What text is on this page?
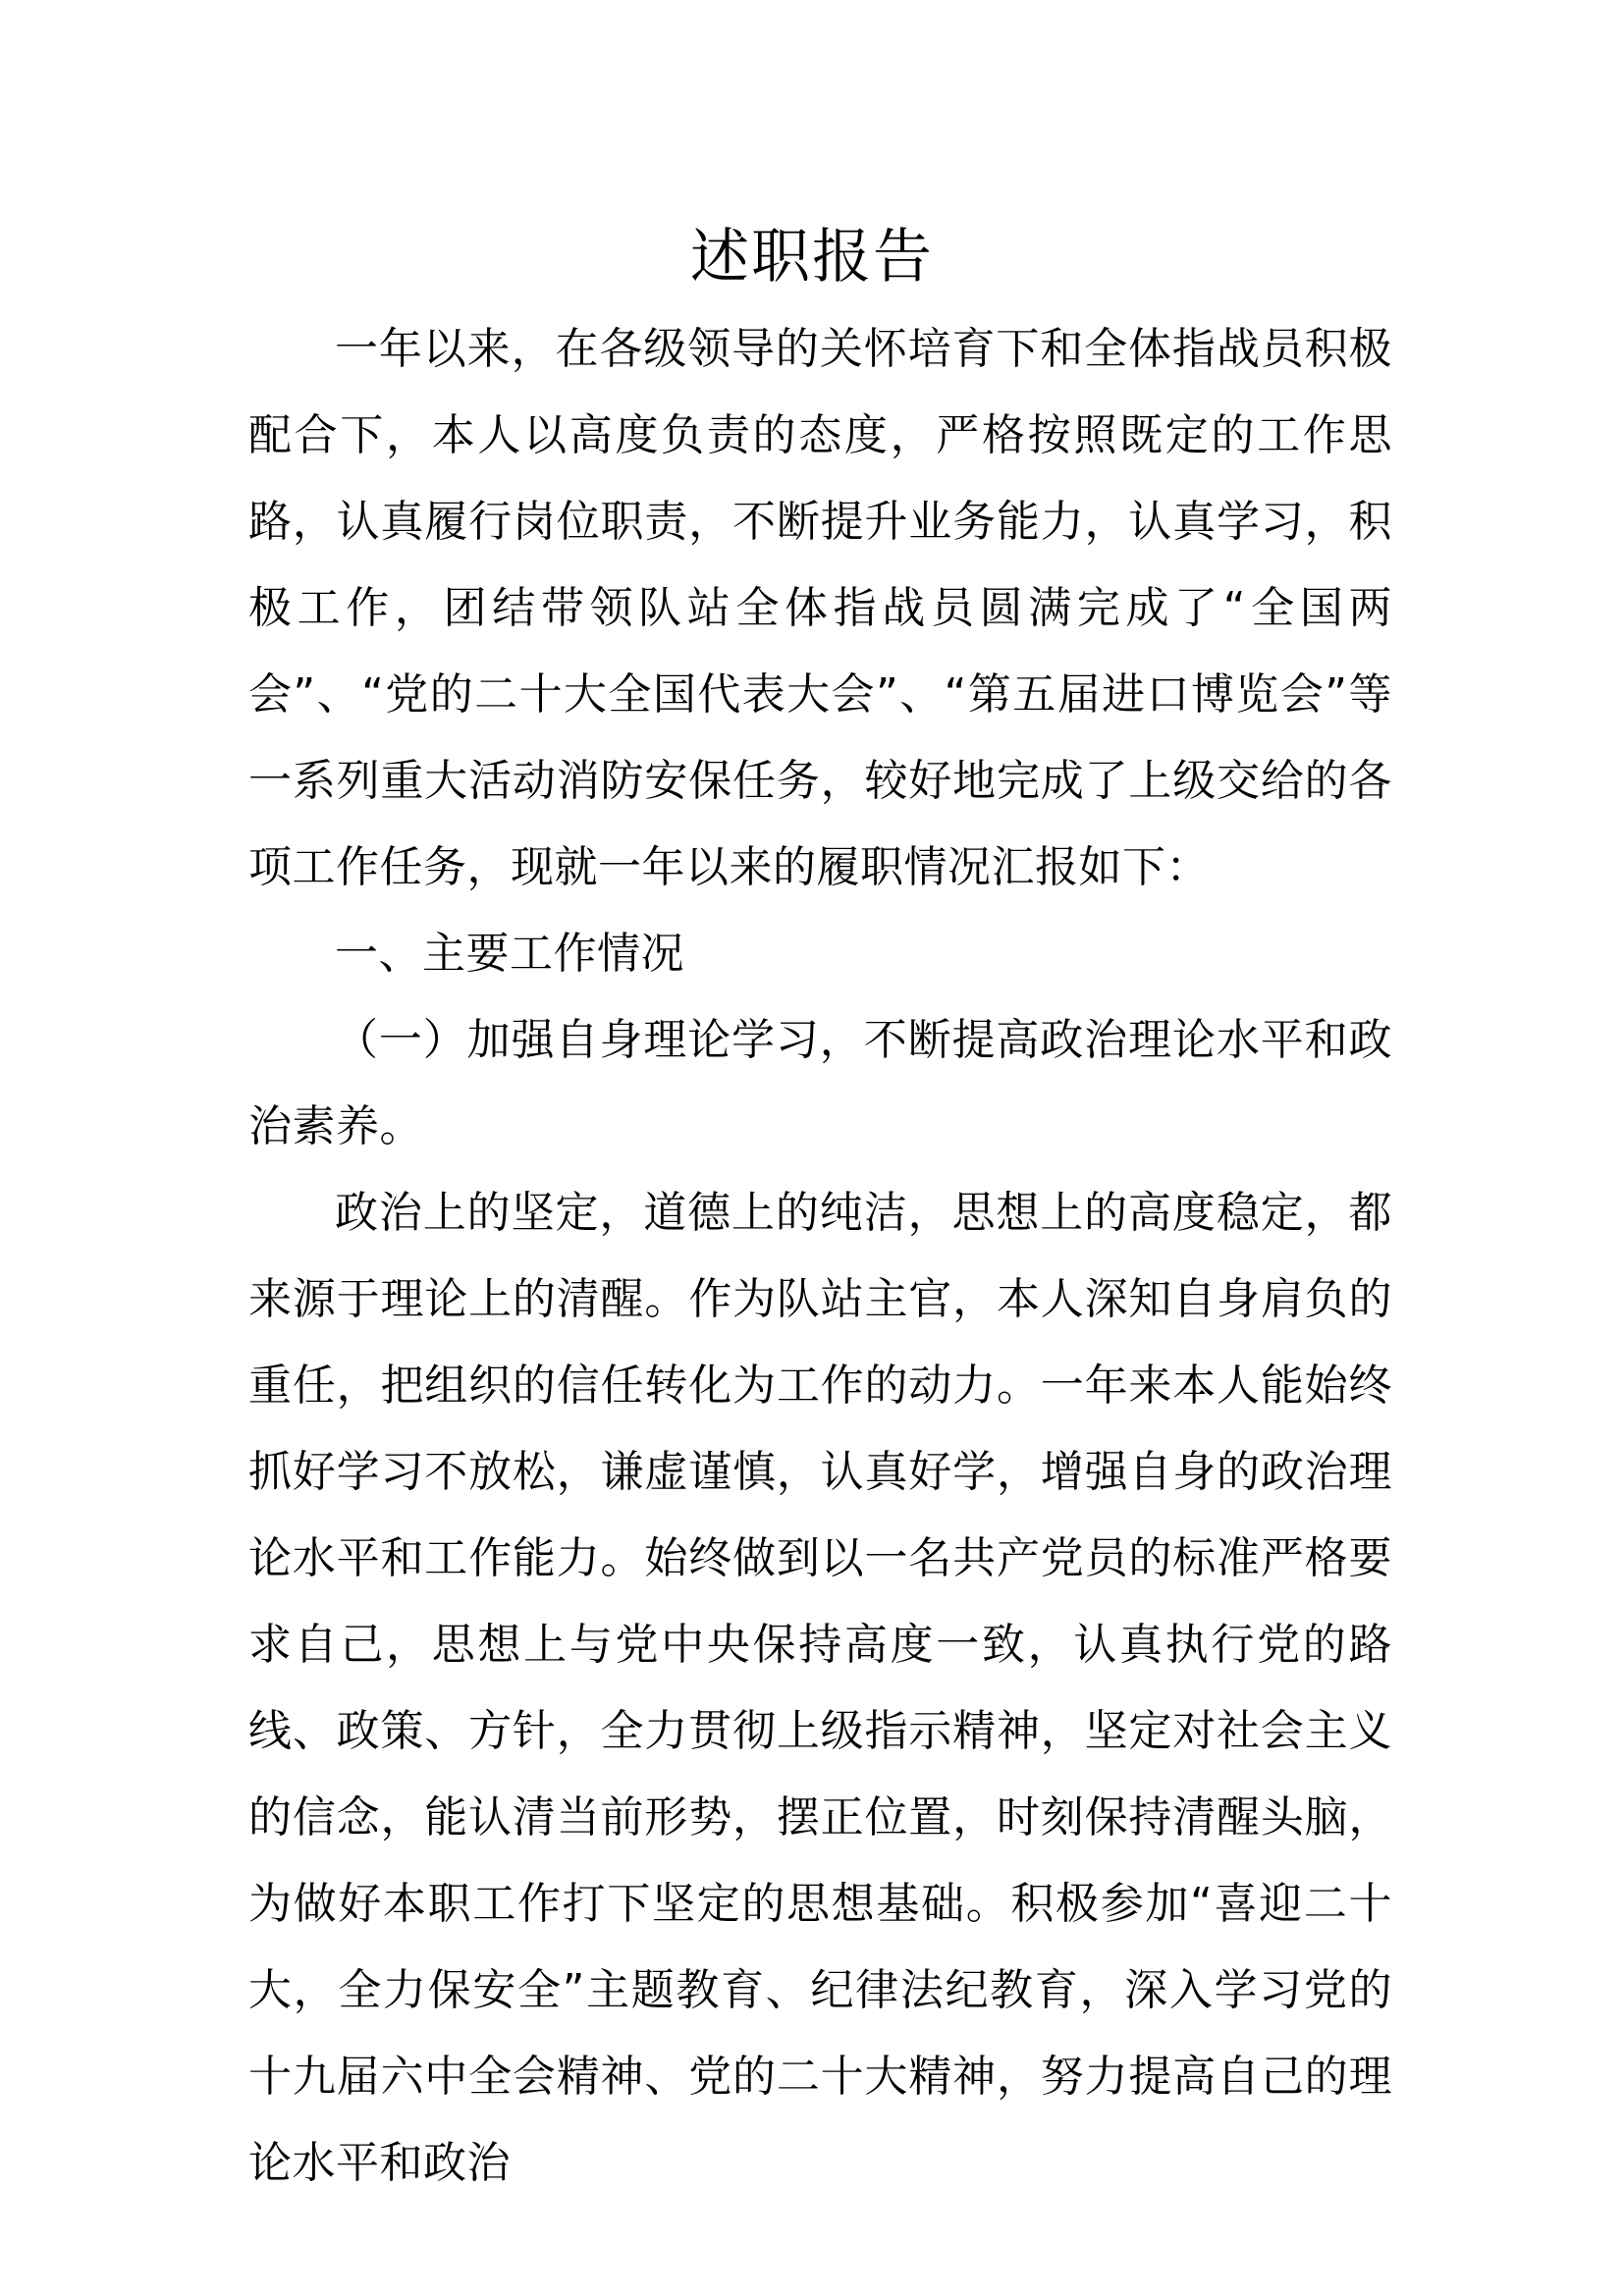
述职报告

一年以来，在各级领导的关怀培育下和全体指战员积极配合下，本人以高度负责的态度，严格按照既定的工作思路，认真履行岗位职责，不断提升业务能力，认真学习，积极工作，团结带领队站全体指战员圆满完成了“全国两会”、“党的二十大全国代表大会”、“第五届进口博览会”等一系列重大活动消防安保任务，较好地完成了上级交给的各项工作任务，现就一年以来的履职情况汇报如下：

一、主要工作情况

（一）加强自身理论学习，不断提高政治理论水平和政治素养。

政治上的坚定，道德上的纯洁，思想上的高度稳定，都来源于理论上的清醒。作为队站主官，本人深知自身肩负的重任，把组织的信任转化为工作的动力。一年来本人能始终抓好学习不放松，谦虚谨慎，认真好学，增强自身的政治理论水平和工作能力。始终做到以一名共产党员的标准严格要求自己，思想上与党中央保持高度一致，认真执行党的路线、政策、方针，全力贯彻上级指示精神，坚定对社会主义的信念，能认清当前形势，摆正位置，时刻保持清醒头脑，为做好本职工作打下坚定的思想基础。积极参加“喜迎二十大，全力保安全”主题教育、纪律法纪教育，深入学习党的十九届六中全会精神、党的二十大精神，努力提高自己的理论水平和政治
